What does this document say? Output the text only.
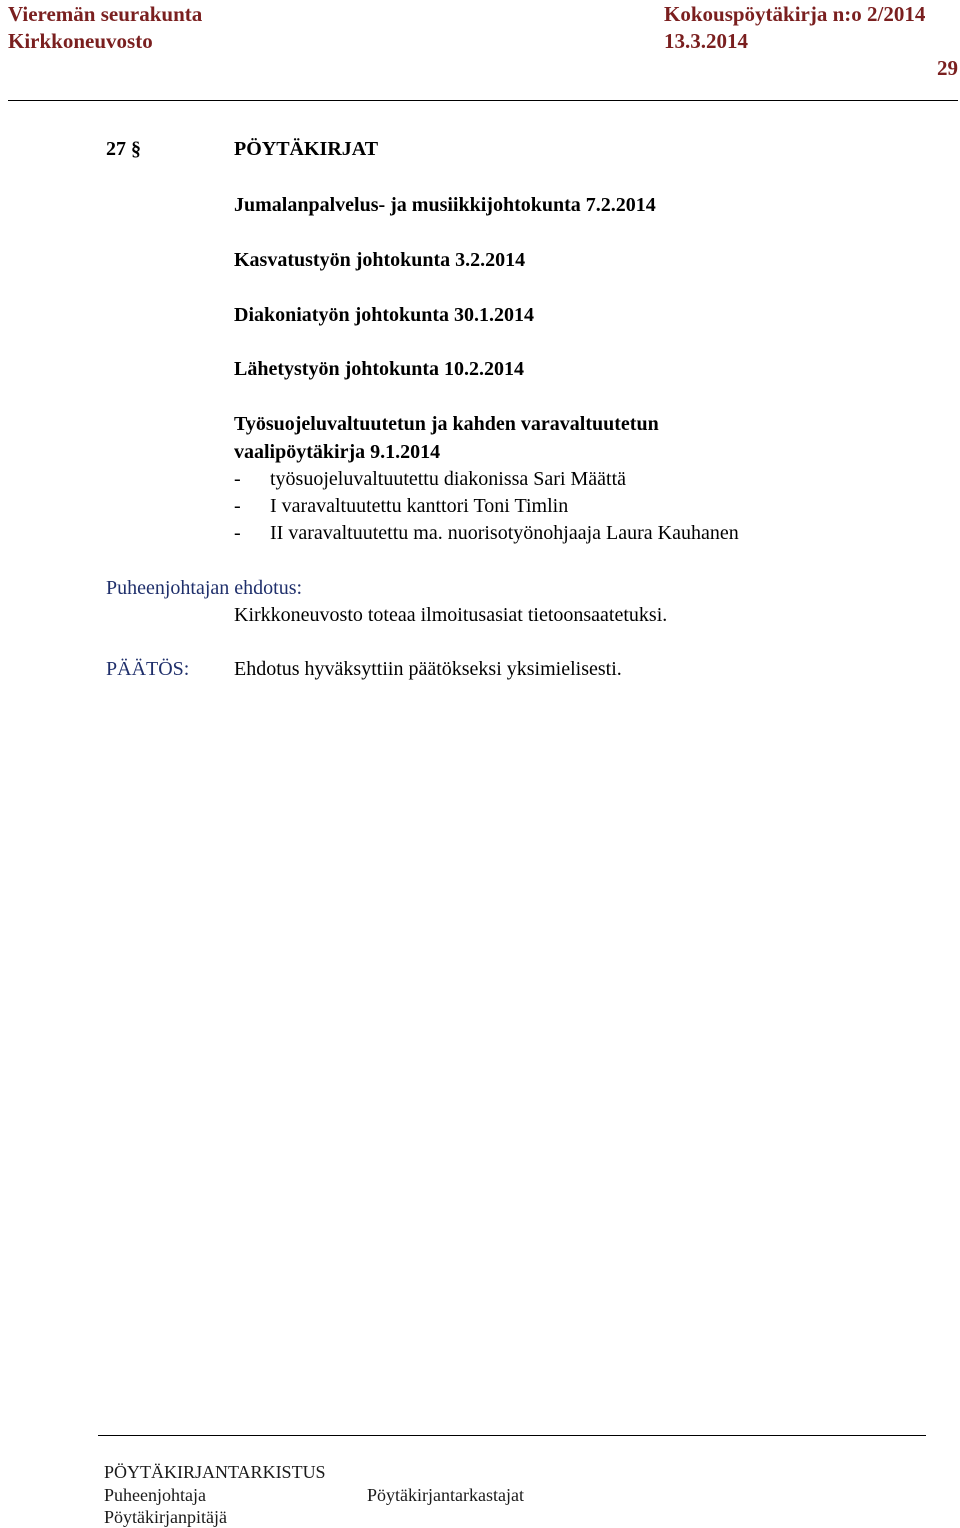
Vieremän seurakunta
Kirkkoneuvosto
Kokouspöytäkirja n:o 2/2014
13.3.2014
29
27 §	PÖYTÄKIRJAT
Jumalanpalvelus- ja musiikkijohtokunta 7.2.2014
Kasvatustyön johtokunta 3.2.2014
Diakoniatyön johtokunta 30.1.2014
Lähetystyön johtokunta 10.2.2014
Työsuojeluvaltuutetun ja kahden varavaltuutetun
vaalipöytäkirja 9.1.2014
- työsuojeluvaltuutettu diakonissa Sari Määttä
- I varavaltuutettu kanttori Toni Timlin
- II varavaltuutettu ma. nuorisotyönohjaaja Laura Kauhanen
Puheenjohtajan ehdotus:
Kirkkoneuvosto toteaa ilmoitusasiat tietoonsaatetuksi.
PÄÄTÖS: Ehdotus hyväksyttiin päätökseksi yksimielisesti.
PÖYTÄKIRJANTARKISTUS
Puheenjohtaja	Pöytäkirjantarkastajat
Pöytäkirjanpitäjä
